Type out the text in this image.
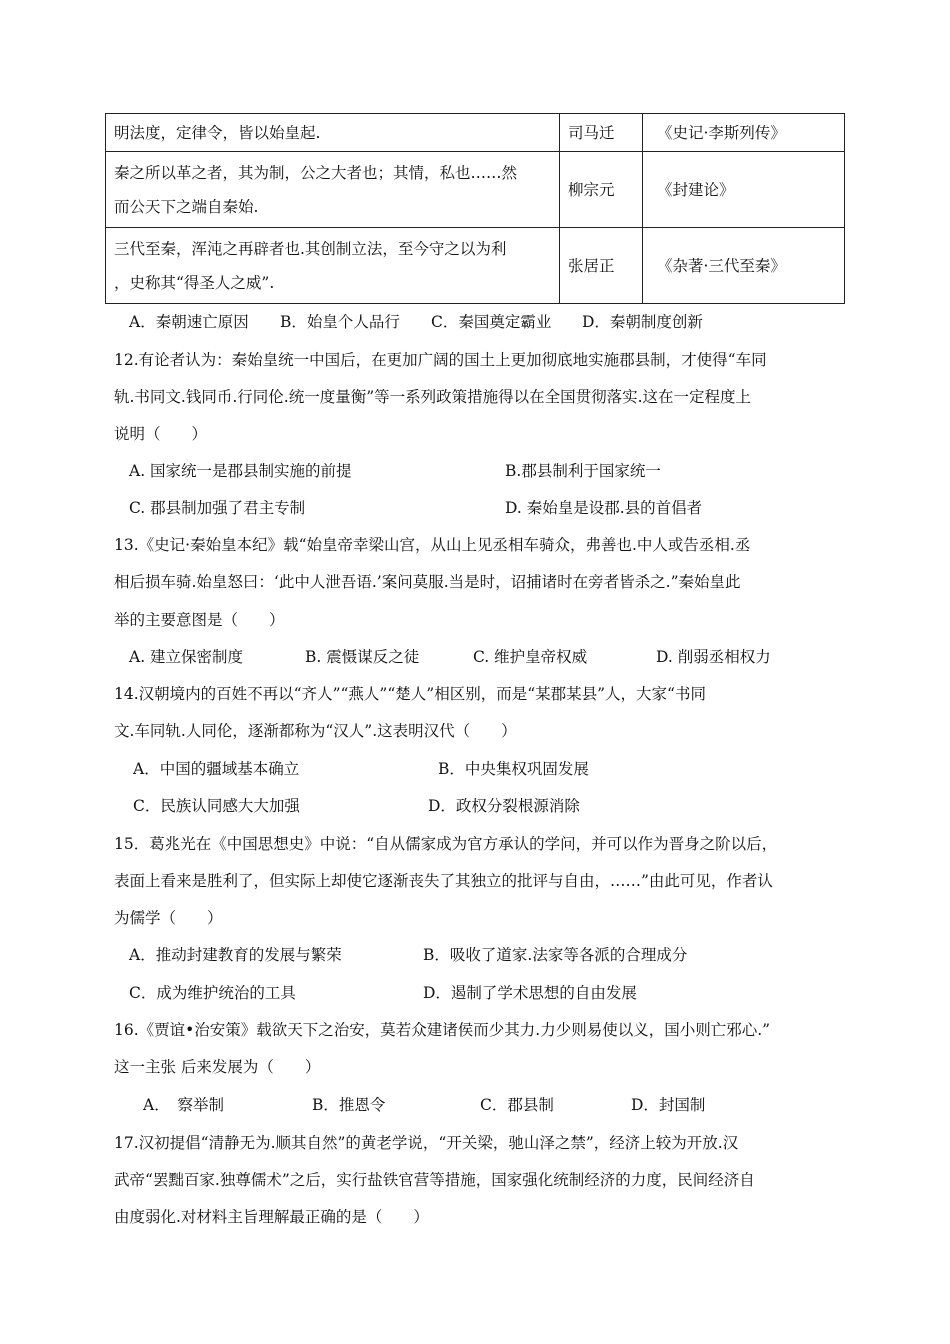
明法度，定律令，皆以始皇起.	司马迁	《史记·李斯列传》

秦之所以革之者，其为制，公之大者也；其情，私也……然
而公天下之端自秦始.	柳宗元	《封建论》

三代至秦，浑沌之再辟者也.其创制立法，至今守之以为利
，史称其“得圣人之威”.	张居正	《杂著·三代至秦》
A．秦朝速亡原因 B．始皇个人品行 C．秦国奠定霸业 D．秦朝制度创新
12.有论者认为：秦始皇统一中国后，在更加广阔的国土上更加彻底地实施郡县制，才使得“车同
轨.书同文.钱同币.行同伦.统一度量衡”等一系列政策措施得以在全国贯彻落实.这在一定程度上
说明（　　）
A. 国家统一是郡县制实施的前提	B.郡县制利于国家统一
C. 郡县制加强了君主专制	D. 秦始皇是设郡.县的首倡者
13.《史记·秦始皇本纪》载“始皇帝幸梁山宫，从山上见丞相车骑众，弗善也.中人或告丞相.丞
相后损车骑.始皇怒曰：‘此中人泄吾语.’案问莫服.当是时，诏捕诸时在旁者皆杀之.”秦始皇此
举的主要意图是（　　）
A. 建立保密制度	B. 震慑谋反之徒	C. 维护皇帝权威	D. 削弱丞相权力
14.汉朝境内的百姓不再以“齐人”“燕人”“楚人”相区别，而是“某郡某县”人，大家“书同
文.车同轨.人同伦，逐渐都称为“汉人”.这表明汉代（　　）
A．中国的疆域基本确立	B．中央集权巩固发展
C．民族认同感大大加强	D．政权分裂根源消除
15．葛兆光在《中国思想史》中说：“自从儒家成为官方承认的学问，并可以作为晋身之阶以后，
表面上看来是胜利了，但实际上却使它逐渐丧失了其独立的批评与自由，……”由此可见，作者认
为儒学（　　）
A．推动封建教育的发展与繁荣	B．吸收了道家.法家等各派的合理成分
C．成为维护统治的工具	D．遏制了学术思想的自由发展
16.《贾谊•治安策》载欲天下之治安，莫若众建诸侯而少其力.力少则易使以义，国小则亡邪心.”
这一主张 后来发展为（　　）
A．　察举制	B．推恩令	C．郡县制	D．封国制
17.汉初提倡“清静无为.顺其自然”的黄老学说，“开关梁，驰山泽之禁”，经济上较为开放.汉
武帝“罢黜百家.独尊儒术”之后，实行盐铁官营等措施，国家强化统制经济的力度，民间经济自
由度弱化.对材料主旨理解最正确的是（　　）
